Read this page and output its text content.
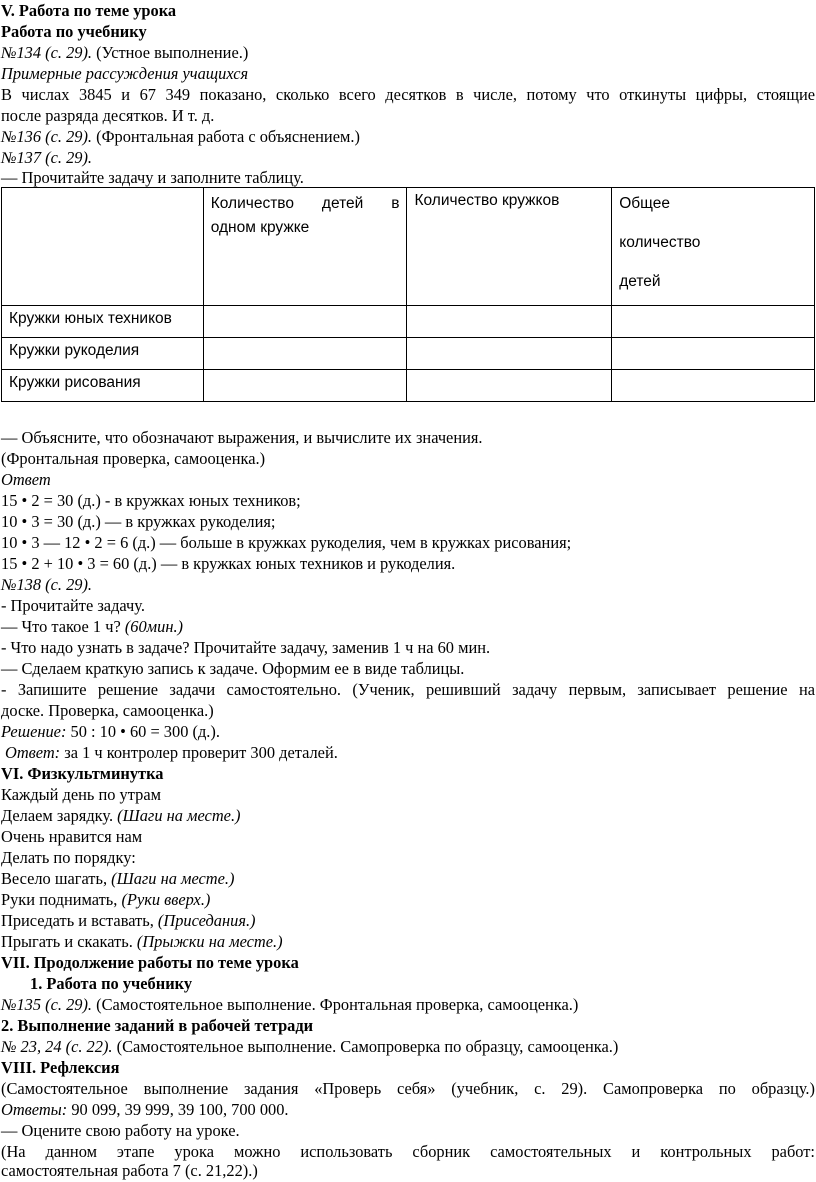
V. Работа по теме урока
Работа по учебнику
№134 (с. 29). (Устное выполнение.)
Примерные рассуждения учащихся
В числах 3845 и 67 349 показано, сколько всего десятков в числе, потому что откинуты цифры, стоящие
после разряда десятков. И т. д.
№136 (с. 29). (Фронтальная работа с объяснением.)
№137 (с. 29).
— Прочитайте задачу и заполните таблицу.

	Количество детей в одном кружке	Количество кружков	Общее количество детей

Кружки юных техников			
Кружки рукоделия			
Кружки рисования			
— Объясните, что обозначают выражения, и вычислите их значения.
(Фронтальная проверка, самооценка.)
Ответ
15 • 2 = 30 (д.) - в кружках юных техников;
10 • 3 = 30 (д.) — в кружках рукоделия;
10 • 3 — 12 • 2 = 6 (д.) — больше в кружках рукоделия, чем в кружках рисования;
15 • 2 + 10 • 3 = 60 (д.) — в кружках юных техников и рукоделия.
№138 (с. 29).
- Прочитайте задачу.
— Что такое 1 ч? (60мин.)
- Что надо узнать в задаче? Прочитайте задачу, заменив 1 ч на 60 мин.
— Сделаем краткую запись к задаче. Оформим ее в виде таблицы.
- Запишите решение задачи самостоятельно. (Ученик, решивший задачу первым, записывает решение на
доске. Проверка, самооценка.)
Решение: 50 : 10 • 60 = 300 (д.).
Ответ: за 1 ч контролер проверит 300 деталей.
VI. Физкультминутка
Каждый день по утрам
Делаем зарядку. (Шаги на месте.)
Очень нравится нам
Делать по порядку:
Весело шагать, (Шаги на месте.)
Руки поднимать, (Руки вверх.)
Приседать и вставать, (Приседания.)
Прыгать и скакать. (Прыжки на месте.)
VII. Продолжение работы по теме урока
1. Работа по учебнику
№135 (с. 29). (Самостоятельное выполнение. Фронтальная проверка, самооценка.)
2. Выполнение заданий в рабочей тетради
№ 23, 24 (с. 22). (Самостоятельное выполнение. Самопроверка по образцу, самооценка.)
VIII. Рефлексия
(Самостоятельное выполнение задания «Проверь себя» (учебник, с. 29). Самопроверка по образцу.)
Ответы: 90 099, 39 999, 39 100, 700 000.
— Оцените свою работу на уроке.
(На данном этапе урока можно использовать сборник самостоятельных и контрольных работ:
самостоятельная работа 7 (с. 21,22).)
